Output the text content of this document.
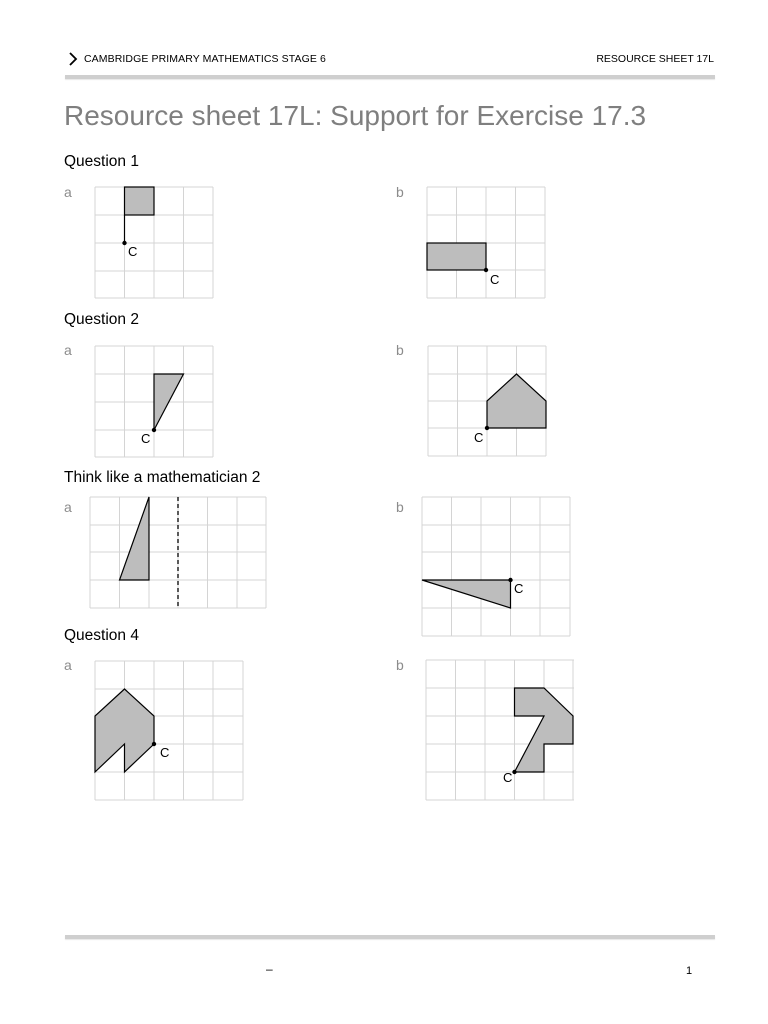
CAMBRIDGE PRIMARY MATHEMATICS STAGE 6	RESOURCE SHEET 17L
Resource sheet 17L: Support for Exercise 17.3
Question 1
a	b
C
C
Question 2
a	b
C	C
Think like a mathematician 2
a	b
C
Question 4
a	b
C
C
–	1
